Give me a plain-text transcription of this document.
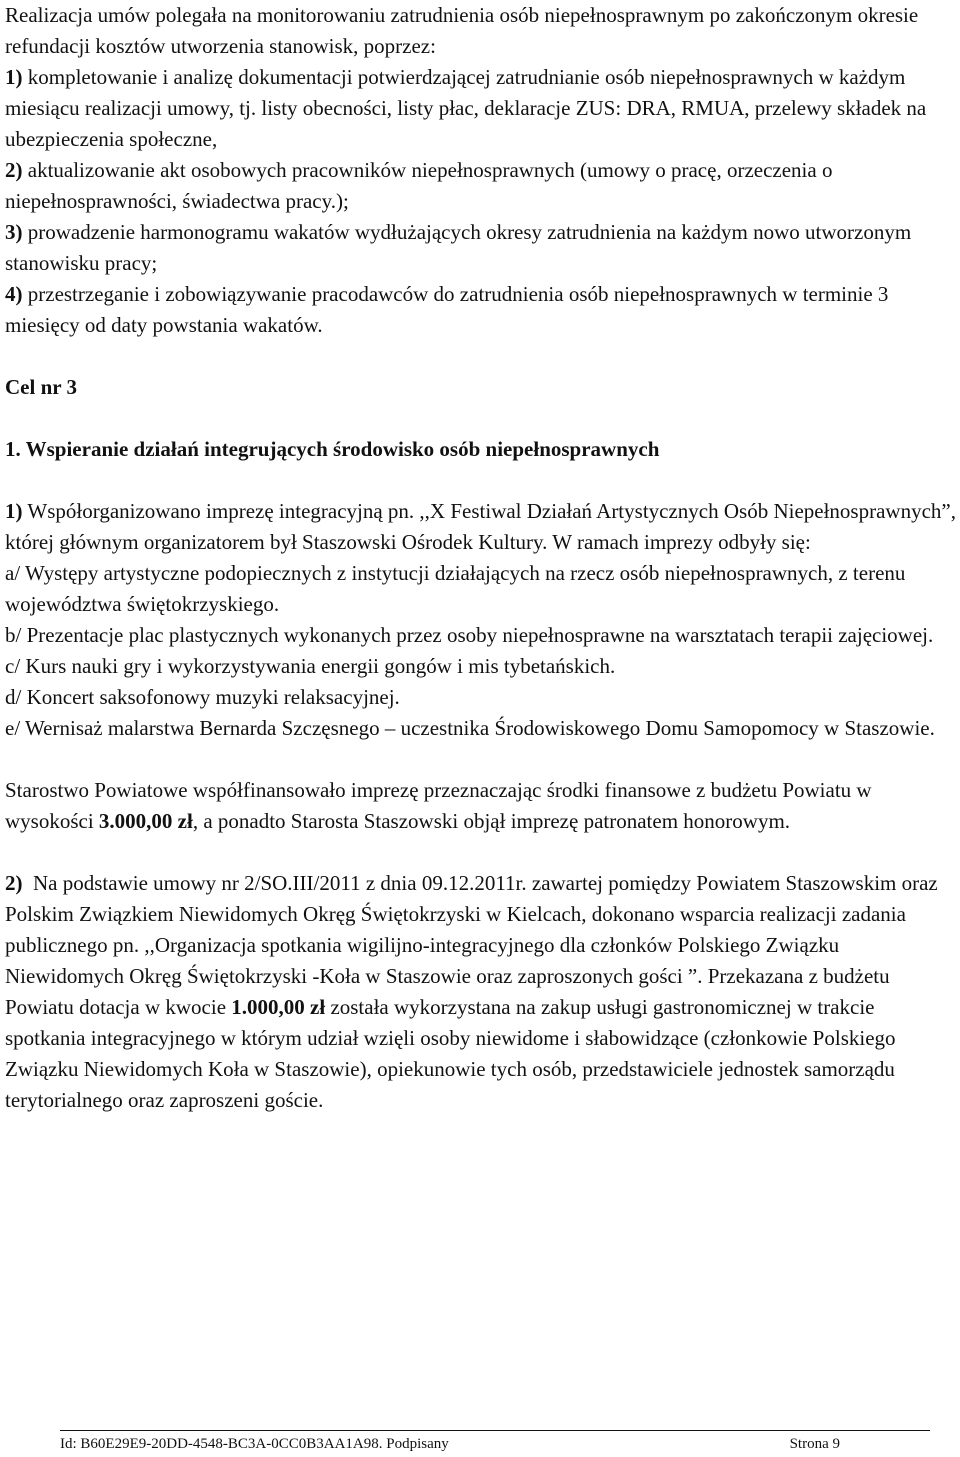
Realizacja umów polegała na monitorowaniu zatrudnienia osób niepełnosprawnym po zakończonym okresie refundacji kosztów utworzenia stanowisk, poprzez:

1) kompletowanie i analizę dokumentacji potwierdzającej zatrudnianie osób niepełnosprawnych w każdym miesiącu realizacji umowy, tj. listy obecności, listy płac, deklaracje ZUS: DRA, RMUA, przelewy składek na ubezpieczenia społeczne,

2) aktualizowanie akt osobowych pracowników niepełnosprawnych (umowy o pracę, orzeczenia o niepełnosprawności, świadectwa pracy.);

3) prowadzenie harmonogramu wakatów wydłużających okresy zatrudnienia na każdym nowo utworzonym stanowisku pracy;

4) przestrzeganie i zobowiązywanie pracodawców do zatrudnienia osób niepełnosprawnych w terminie 3 miesięcy od daty powstania wakatów.

Cel nr 3

1. Wspieranie działań integrujących środowisko osób niepełnosprawnych

1) Współorganizowano imprezę integracyjną pn. ,,X Festiwal Działań Artystycznych Osób Niepełnosprawnych”, której głównym organizatorem był Staszowski Ośrodek Kultury. W ramach imprezy odbyły się:

a/ Występy artystyczne podopiecznych z instytucji działających na rzecz osób niepełnosprawnych, z terenu województwa świętokrzyskiego.

b/ Prezentacje plac plastycznych wykonanych przez osoby niepełnosprawne na warsztatach terapii zajęciowej.

c/ Kurs nauki gry i wykorzystywania energii gongów i mis tybetańskich.

d/ Koncert saksofonowy muzyki relaksacyjnej.

e/ Wernisaż malarstwa Bernarda Szczęsnego – uczestnika Środowiskowego Domu Samopomocy w Staszowie.

Starostwo Powiatowe współfinansowało imprezę przeznaczając środki finansowe z budżetu Powiatu w wysokości 3.000,00 zł, a ponadto Starosta Staszowski objął imprezę patronatem honorowym.

2) Na podstawie umowy nr 2/SO.III/2011 z dnia 09.12.2011r. zawartej pomiędzy Powiatem Staszowskim oraz Polskim Związkiem Niewidomych Okręg Świętokrzyski w Kielcach, dokonano wsparcia realizacji zadania publicznego pn. ,,Organizacja spotkania wigilijno-integracyjnego dla członków Polskiego Związku Niewidomych Okręg Świętokrzyski -Koła w Staszowie oraz zaproszonych gości ”. Przekazana z budżetu Powiatu dotacja w kwocie 1.000,00 zł została wykorzystana na zakup usługi gastronomicznej w trakcie spotkania integracyjnego w którym udział wzięli osoby niewidome i słabowidzące (członkowie Polskiego Związku Niewidomych Koła w Staszowie), opiekunowie tych osób, przedstawiciele jednostek samorządu terytorialnego oraz zaproszeni goście.

Id: B60E29E9-20DD-4548-BC3A-0CC0B3AA1A98. Podpisany	Strona 9
